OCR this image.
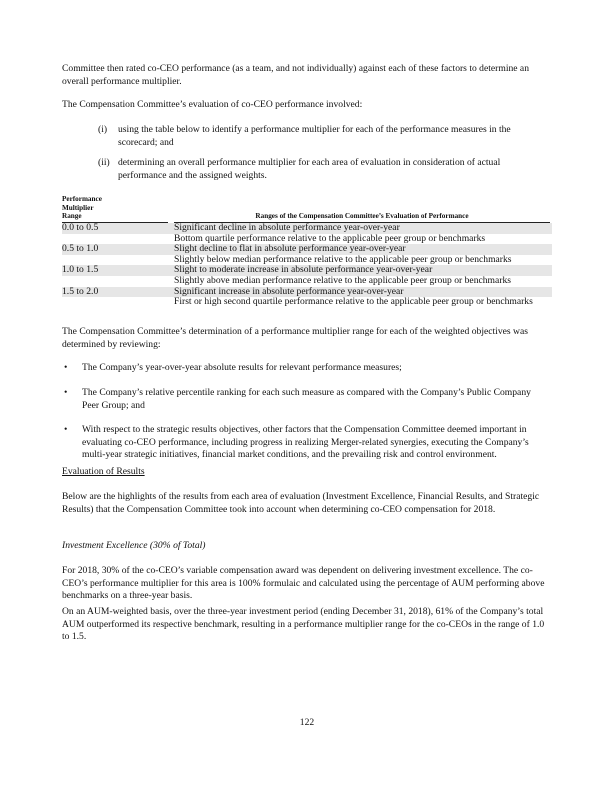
Committee then rated co-CEO performance (as a team, and not individually) against each of these factors to determine an overall performance multiplier.

The Compensation Committee’s evaluation of co-CEO performance involved:

(i) using the table below to identify a performance multiplier for each of the performance measures in the scorecard; and
(ii) determining an overall performance multiplier for each area of evaluation in consideration of actual performance and the assigned weights.
Performance
Multiplier
Range	Ranges of the Compensation Committee’s Evaluation of Performance
0.0 to 0.5	Significant decline in absolute performance year-over-year
Bottom quartile performance relative to the applicable peer group or benchmarks
0.5 to 1.0	Slight decline to flat in absolute performance year-over-year
Slightly below median performance relative to the applicable peer group or benchmarks
1.0 to 1.5	Slight to moderate increase in absolute performance year-over-year
Slightly above median performance relative to the applicable peer group or benchmarks
1.5 to 2.0	Significant increase in absolute performance year-over-year
First or high second quartile performance relative to the applicable peer group or benchmarks

The Compensation Committee’s determination of a performance multiplier range for each of the weighted objectives was determined by reviewing:

• The Company’s year-over-year absolute results for relevant performance measures;
• The Company’s relative percentile ranking for each such measure as compared with the Company’s Public Company Peer Group; and
• With respect to the strategic results objectives, other factors that the Compensation Committee deemed important in evaluating co-CEO performance, including progress in realizing Merger-related synergies, executing the Company’s multi-year strategic initiatives, financial market conditions, and the prevailing risk and control environment.

Evaluation of Results

Below are the highlights of the results from each area of evaluation (Investment Excellence, Financial Results, and Strategic Results) that the Compensation Committee took into account when determining co-CEO compensation for 2018.

Investment Excellence (30% of Total)

For 2018, 30% of the co-CEO’s variable compensation award was dependent on delivering investment excellence. The co-CEO’s performance multiplier for this area is 100% formulaic and calculated using the percentage of AUM performing above benchmarks on a three-year basis.

On an AUM-weighted basis, over the three-year investment period (ending December 31, 2018), 61% of the Company’s total AUM outperformed its respective benchmark, resulting in a performance multiplier range for the co-CEOs in the range of 1.0 to 1.5.

122
